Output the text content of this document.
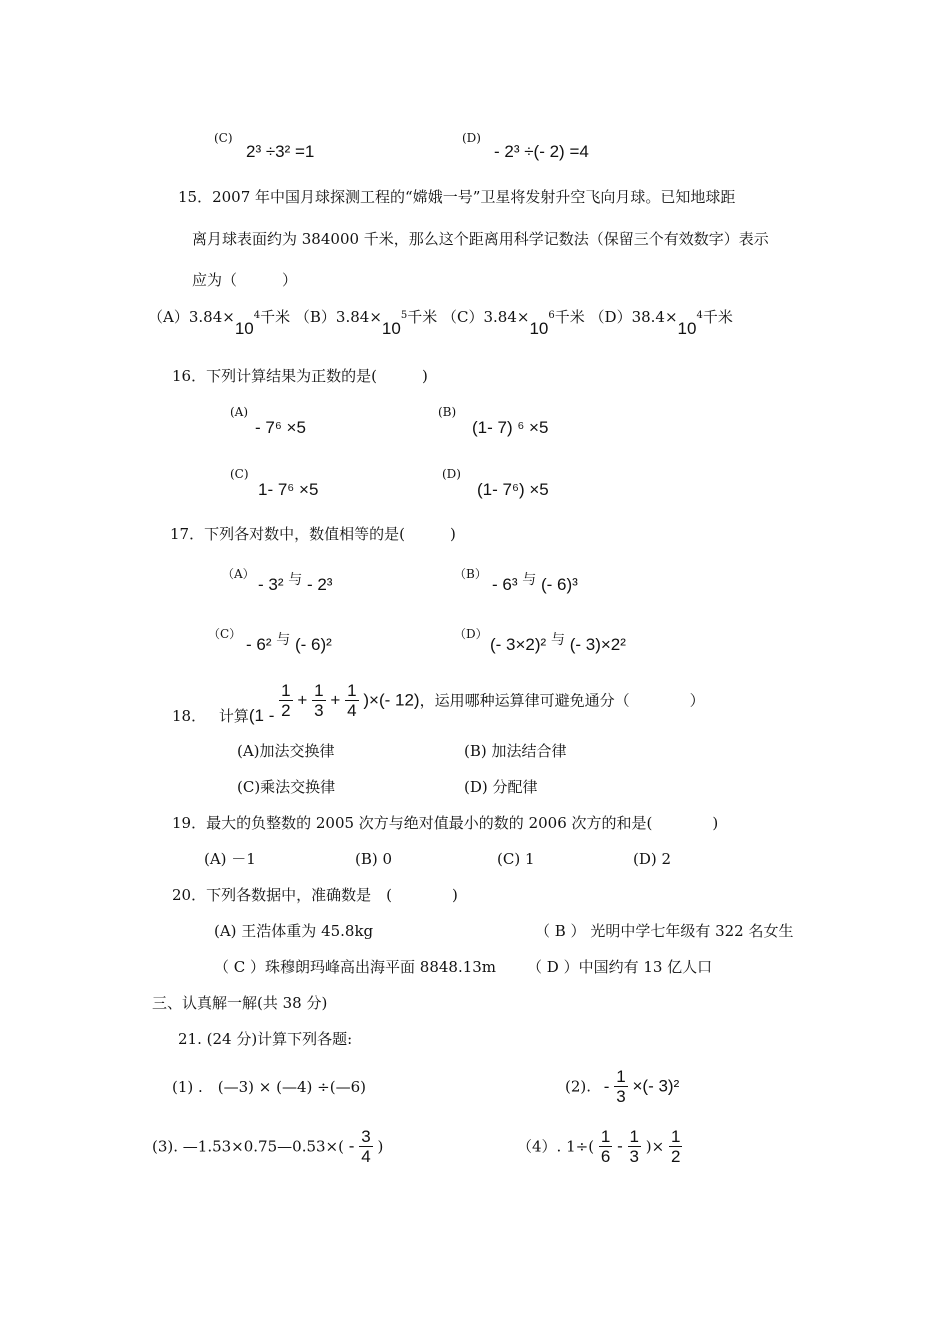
(C)
2³ ÷3² =1
(D)
- 2³ ÷(- 2) =4
15．2007 年中国月球探测工程的“嫦娥一号”卫星将发射升空飞向月球。已知地球距
离月球表面约为 384000 千米，那么这个距离用科学记数法（保留三个有效数字）表示
应为（　　　）
$(A)3.84\times 10^4$千米 $(B)3.84\times 10^5$千米 $(C)3.84\times 10^6$千米 $(D)38.4\times 10^4$千米
16．下列计算结果为正数的是(　　　)
(A)
- 7⁶ ×5
(B)
(1- 7) ⁶ ×5
(C)
1- 7⁶ ×5
(D)
(1- 7⁶) ×5
17．下列各对数中，数值相等的是(　　　)
（A）
- 3² $^与$ - 2³
（B）
- 6³ $^与$ (- 6)³
（C）
- 6² $^与$ (- 6)²
（D）
(- 3×2)² $^与$ (- 3)×2²
18． 计算($1 - \frac{1}{2} + \frac{1}{3} + \frac{1}{4}$ )×(- 12)，运用哪种运算律可避免通分（　　　　）
(A)加法交换律	(B) 加法结合律
(C)乘法交换律	(D) 分配律
19．最大的负整数的 2005 次方与绝对值最小的数的 2006 次方的和是(　　　　)
(A) －1	(B) 0	(C) 1	(D) 2
20．下列各数据中，准确数是　(　　　　)
(A) 王浩体重为 45.8kg	（ B ） 光明中学七年级有 322 名女生
（ C ）珠穆朗玛峰高出海平面 8848.13m （ D ）中国约有 13 亿人口
三、认真解一解(共 38 分)
21. (24 分)计算下列各题:
(1) .　(—3) × (—4) ÷(—6)	(2). - $\frac{1}{3}$ ×(- 3)²
(3). —1.53×0.75—0.53×( - $\frac{3}{4}$ )	（4）. $1\div( \frac{1}{6} - \frac{1}{3}$ )× $\frac{1}{2}$
